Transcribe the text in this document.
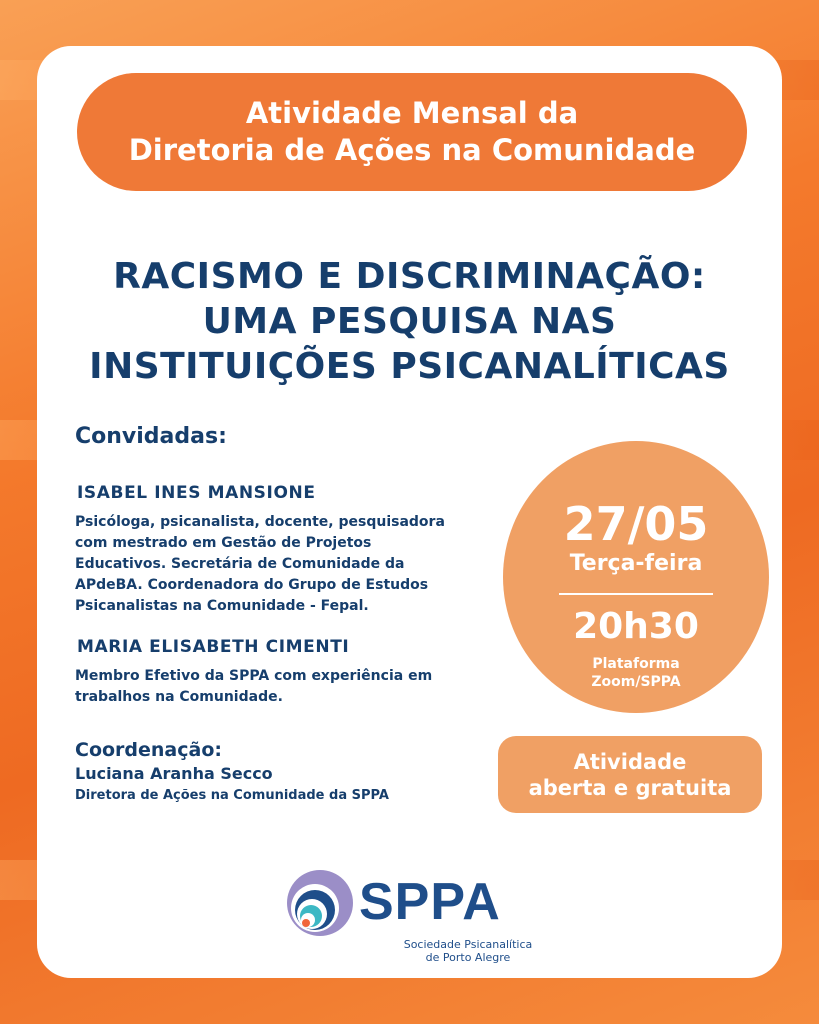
Atividade Mensal da
Diretoria de Ações na Comunidade
RACISMO E DISCRIMINAÇÃO:
UMA PESQUISA NAS
INSTITUIÇÕES PSICANALÍTICAS
Convidadas:
ISABEL INES MANSIONE
Psicóloga, psicanalista, docente, pesquisadora
com mestrado em Gestão de Projetos
Educativos. Secretária de Comunidade da
APdeBA. Coordenadora do Grupo de Estudos
Psicanalistas na Comunidade - Fepal.
MARIA ELISABETH CIMENTI
Membro Efetivo da SPPA com experiência em
trabalhos na Comunidade.
Coordenação:
Luciana Aranha Secco
Diretora de Ações na Comunidade da SPPA
27/05
Terça-feira
20h30
Plataforma
Zoom/SPPA
Atividade
aberta e gratuita
SPPA
Sociedade Psicanalítica
de Porto Alegre
